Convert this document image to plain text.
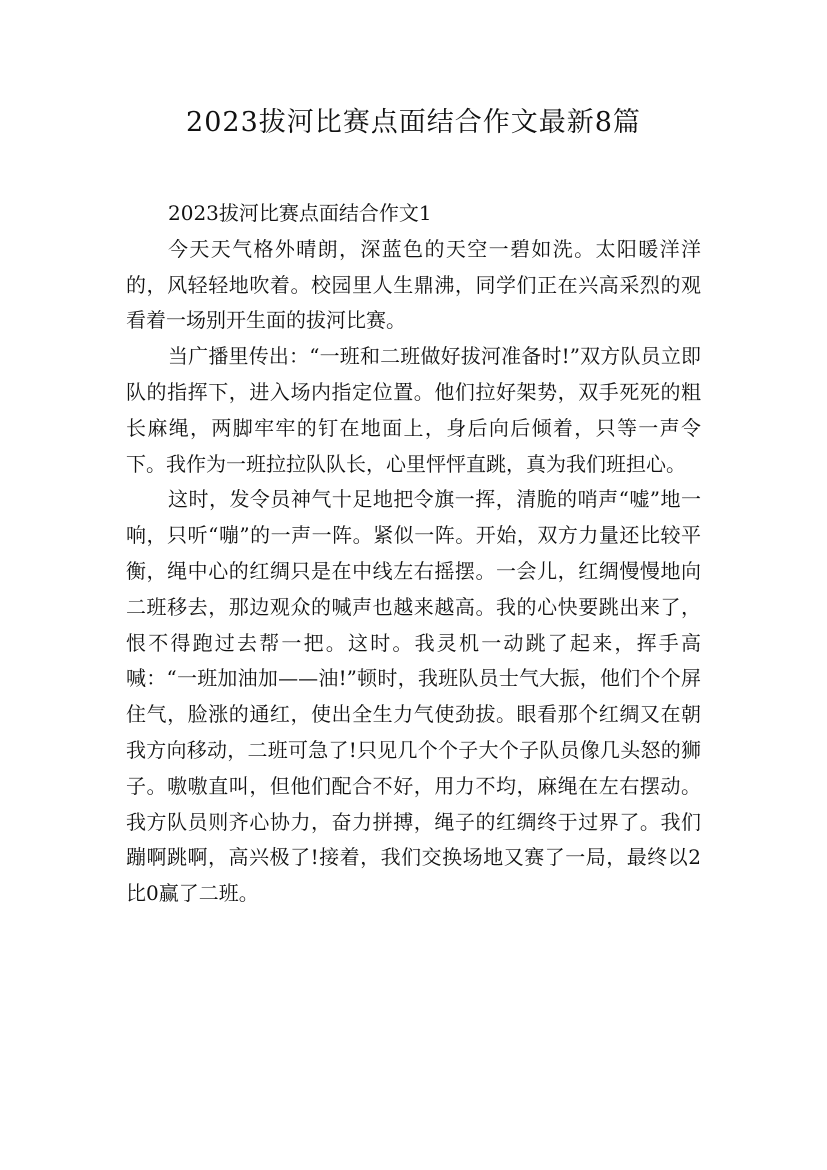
2023拔河比赛点面结合作文最新8篇
2023拔河比赛点面结合作文1

今天天气格外晴朗，深蓝色的天空一碧如洗。太阳暖洋洋的，风轻轻地吹着。校园里人生鼎沸，同学们正在兴高采烈的观看着一场别开生面的拔河比赛。

当广播里传出：“一班和二班做好拔河准备时!”双方队员立即队的指挥下，进入场内指定位置。他们拉好架势，双手死死的粗长麻绳，两脚牢牢的钉在地面上，身后向后倾着，只等一声令下。我作为一班拉拉队队长，心里怦怦直跳，真为我们班担心。

这时，发令员神气十足地把令旗一挥，清脆的哨声“嘘”地一响，只听“嘣”的一声一阵。紧似一阵。开始，双方力量还比较平衡，绳中心的红绸只是在中线左右摇摆。一会儿，红绸慢慢地向二班移去，那边观众的喊声也越来越高。我的心快要跳出来了，恨不得跑过去帮一把。这时。我灵机一动跳了起来，挥手高喊：“一班加油加——油!”顿时，我班队员士气大振，他们个个屏住气，脸涨的通红，使出全生力气使劲拔。眼看那个红绸又在朝我方向移动，二班可急了!只见几个个子大个子队员像几头怒的狮子。嗷嗷直叫，但他们配合不好，用力不均，麻绳在左右摆动。我方队员则齐心协力，奋力拼搏，绳子的红绸终于过界了。我们蹦啊跳啊，高兴极了!接着，我们交换场地又赛了一局，最终以2比0赢了二班。
